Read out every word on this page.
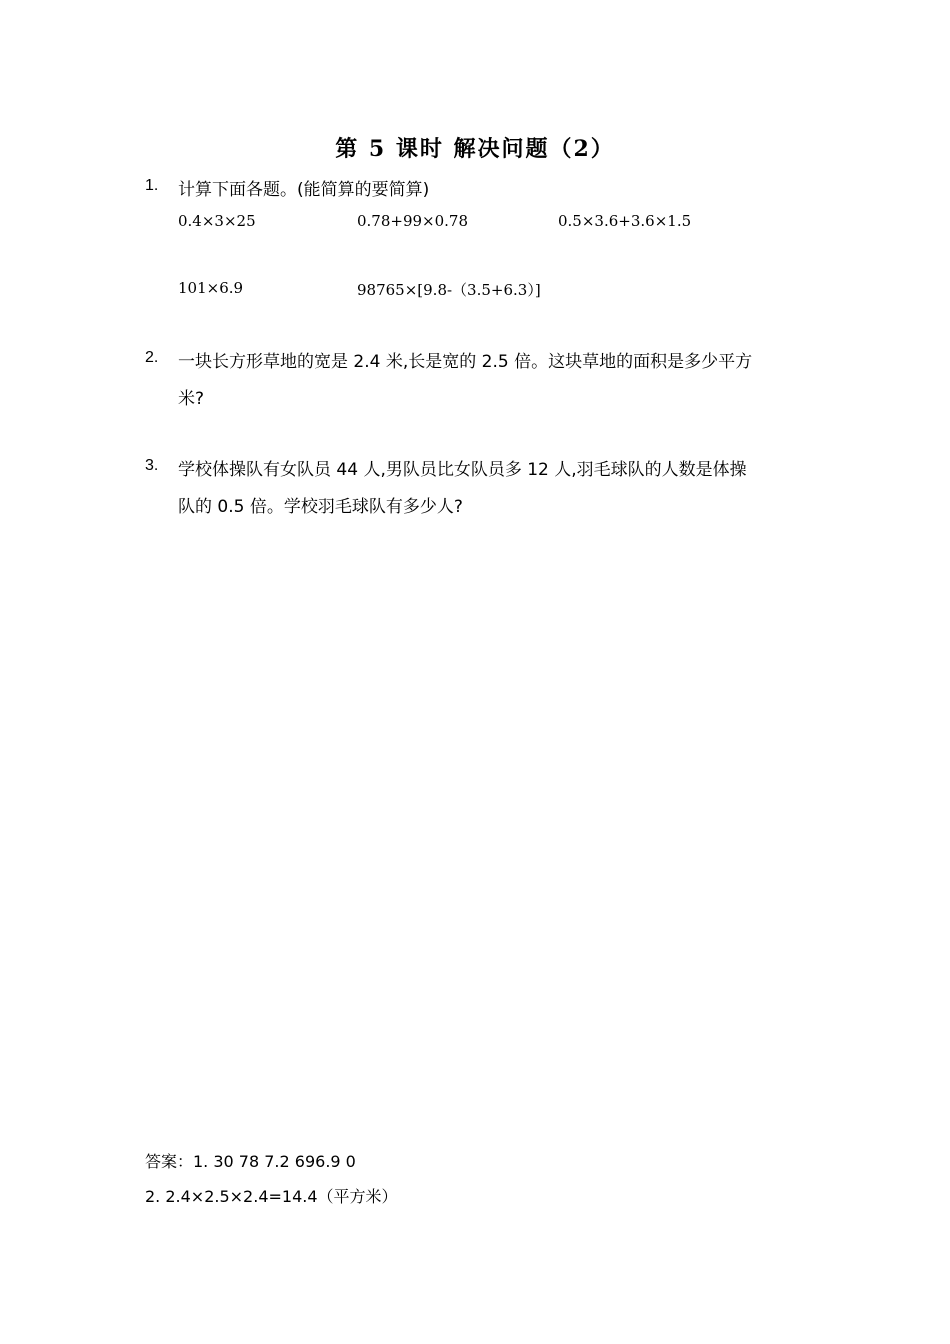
第 5 课时 解决问题（2）
1. 计算下面各题。(能简算的要简算)
0.4×3×25	0.78+99×0.78	0.5×3.6+3.6×1.5
101×6.9	98765×[9.8-（3.5+6.3）]
2. 一块长方形草地的宽是 2.4 米,长是宽的 2.5 倍。这块草地的面积是多少平方
米?
3. 学校体操队有女队员 44 人,男队员比女队员多 12 人,羽毛球队的人数是体操
队的 0.5 倍。学校羽毛球队有多少人?
答案：1. 30 78 7.2 696.9 0
2. 2.4×2.5×2.4=14.4（平方米）
